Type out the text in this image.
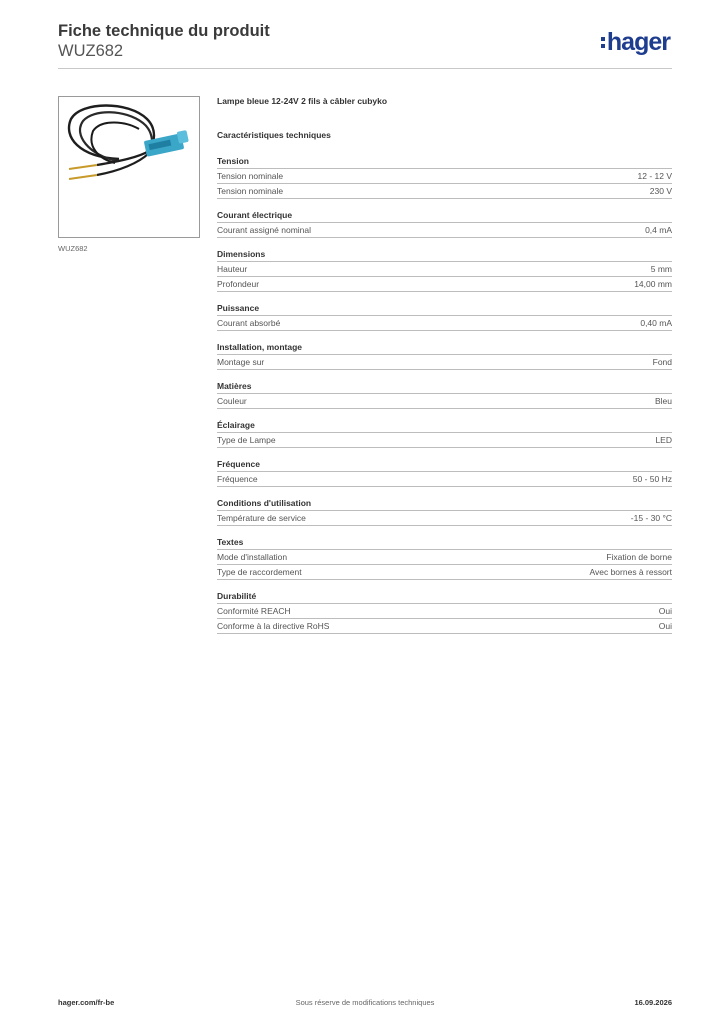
Fiche technique du produit
WUZ682	hager
WUZ682
Lampe bleue 12-24V 2 fils à câbler cubyko
Caractéristiques techniques
Tension
Tension nominale	12 - 12 V
Tension nominale	230 V
Courant électrique
Courant assigné nominal	0,4 mA
Dimensions
Hauteur	5 mm
Profondeur	14,00 mm
Puissance
Courant absorbé	0,40 mA
Installation, montage
Montage sur	Fond
Matières
Couleur	Bleu
Éclairage
Type de Lampe	LED
Fréquence
Fréquence	50 - 50 Hz
Conditions d'utilisation
Température de service	-15 - 30 °C
Textes
Mode d'installation	Fixation de borne
Type de raccordement	Avec bornes à ressort
Durabilité
Conformité REACH	Oui
Conforme à la directive RoHS	Oui
hager.com/fr-be	Sous réserve de modifications techniques	16.09.2026
